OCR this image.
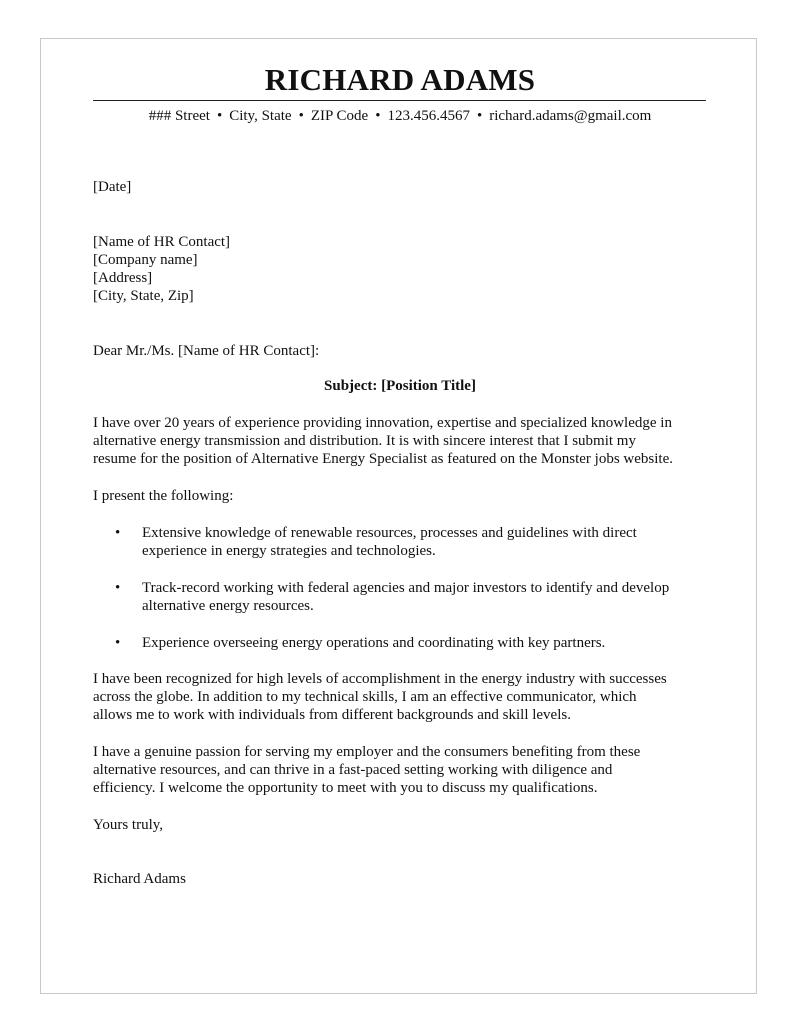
RICHARD ADAMS
### Street • City, State • ZIP Code • 123.456.4567 • richard.adams@gmail.com
[Date]
[Name of HR Contact]
[Company name]
[Address]
[City, State, Zip]
Dear Mr./Ms. [Name of HR Contact]:
Subject: [Position Title]
I have over 20 years of experience providing innovation, expertise and specialized knowledge in
alternative energy transmission and distribution. It is with sincere interest that I submit my
resume for the position of Alternative Energy Specialist as featured on the Monster jobs website.
I present the following:
• Extensive knowledge of renewable resources, processes and guidelines with direct
experience in energy strategies and technologies.
• Track-record working with federal agencies and major investors to identify and develop
alternative energy resources.
• Experience overseeing energy operations and coordinating with key partners.
I have been recognized for high levels of accomplishment in the energy industry with successes
across the globe. In addition to my technical skills, I am an effective communicator, which
allows me to work with individuals from different backgrounds and skill levels.
I have a genuine passion for serving my employer and the consumers benefiting from these
alternative resources, and can thrive in a fast-paced setting working with diligence and
efficiency. I welcome the opportunity to meet with you to discuss my qualifications.
Yours truly,
Richard Adams
